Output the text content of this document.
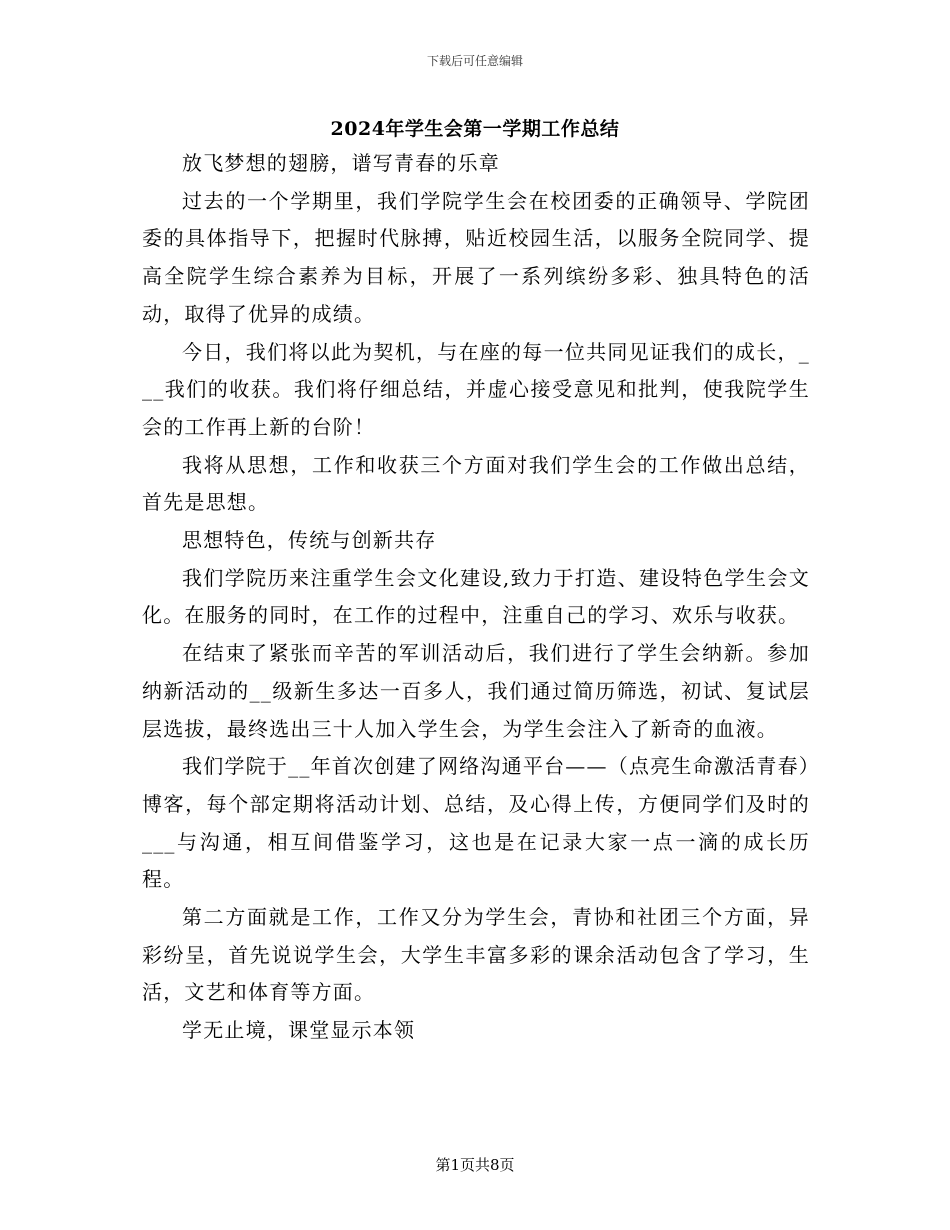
下载后可任意编辑
2024年学生会第一学期工作总结

放飞梦想的翅膀，谱写青春的乐章

过去的一个学期里，我们学院学生会在校团委的正确领导、学院团委的具体指导下，把握时代脉搏，贴近校园生活，以服务全院同学、提高全院学生综合素养为目标，开展了一系列缤纷多彩、独具特色的活动，取得了优异的成绩。

今日，我们将以此为契机，与在座的每一位共同见证我们的成长，___我们的收获。我们将仔细总结，并虚心接受意见和批判，使我院学生会的工作再上新的台阶！

我将从思想，工作和收获三个方面对我们学生会的工作做出总结，首先是思想。

思想特色，传统与创新共存

我们学院历来注重学生会文化建设,致力于打造、建设特色学生会文化。在服务的同时，在工作的过程中，注重自己的学习、欢乐与收获。

在结束了紧张而辛苦的军训活动后，我们进行了学生会纳新。参加纳新活动的__级新生多达一百多人，我们通过简历筛选，初试、复试层层选拔，最终选出三十人加入学生会，为学生会注入了新奇的血液。

我们学院于__年首次创建了网络沟通平台——（点亮生命激活青春）博客，每个部定期将活动计划、总结，及心得上传，方便同学们及时的___与沟通，相互间借鉴学习，这也是在记录大家一点一滴的成长历程。

第二方面就是工作，工作又分为学生会，青协和社团三个方面，异彩纷呈，首先说说学生会，大学生丰富多彩的课余活动包含了学习，生活，文艺和体育等方面。

学无止境，课堂显示本领

第1页共8页
